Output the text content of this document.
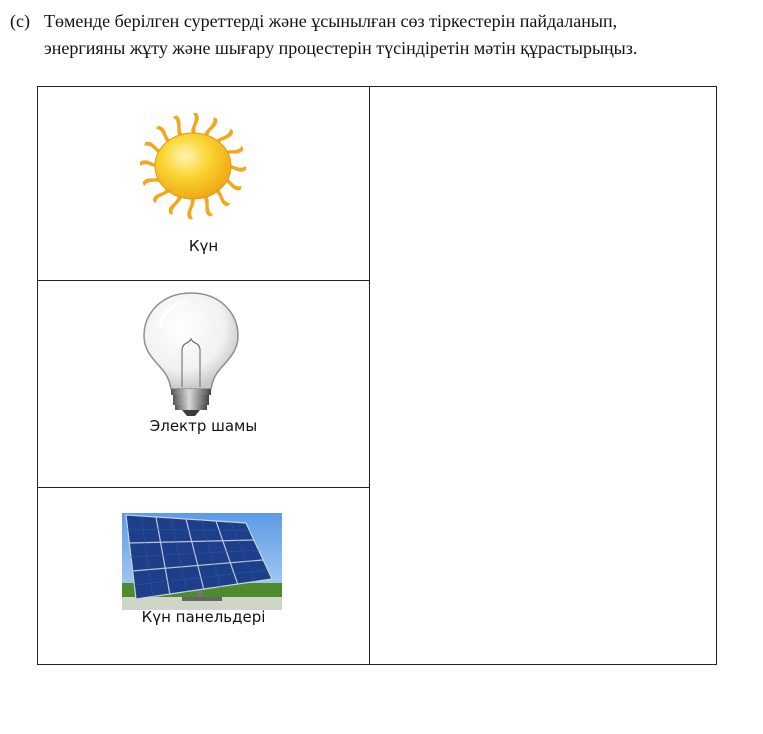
(c) Төменде берілген суреттерді және ұсынылған сөз тіркестерін пайдаланып,
энергияны жұту және шығару процестерін түсіндіретін мәтін құрастырыңыз.
Күн
Электр шамы
Күн панельдері
